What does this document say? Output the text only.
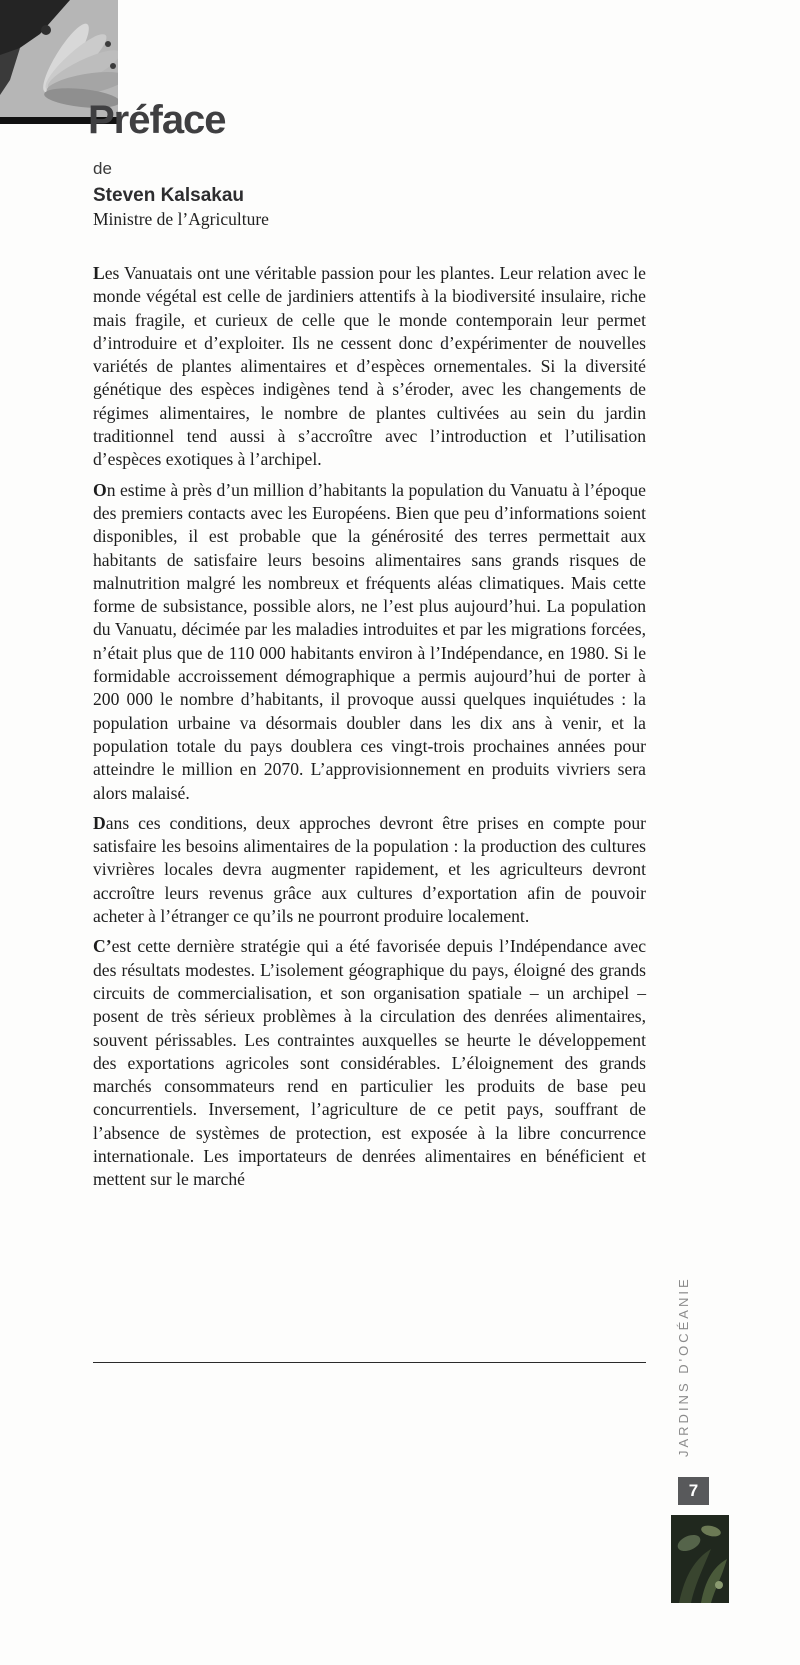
Préface
de
Steven Kalsakau
Ministre de l’Agriculture

Les Vanuatais ont une véritable passion pour les plantes. Leur relation avec le monde végétal est celle de jardiniers attentifs à la biodiversité insulaire, riche mais fragile, et curieux de celle que le monde contemporain leur permet d’introduire et d’exploiter. Ils ne cessent donc d’expérimenter de nouvelles variétés de plantes alimentaires et d’espèces ornementales. Si la diversité génétique des espèces indigènes tend à s’éroder, avec les changements de régimes alimentaires, le nombre de plantes cultivées au sein du jardin traditionnel tend aussi à s’accroître avec l’introduction et l’utilisation d’espèces exotiques à l’archipel.

On estime à près d’un million d’habitants la population du Vanuatu à l’époque des premiers contacts avec les Européens. Bien que peu d’informations soient disponibles, il est probable que la générosité des terres permettait aux habitants de satisfaire leurs besoins alimentaires sans grands risques de malnutrition malgré les nombreux et fréquents aléas climatiques. Mais cette forme de subsistance, possible alors, ne l’est plus aujourd’hui. La population du Vanuatu, décimée par les maladies introduites et par les migrations forcées, n’était plus que de 110 000 habitants environ à l’Indépendance, en 1980. Si le formidable accroissement démographique a permis aujourd’hui de porter à 200 000 le nombre d’habitants, il provoque aussi quelques inquiétudes : la population urbaine va désormais doubler dans les dix ans à venir, et la population totale du pays doublera ces vingt-trois prochaines années pour atteindre le million en 2070. L’approvisionnement en produits vivriers sera alors malaisé.

Dans ces conditions, deux approches devront être prises en compte pour satisfaire les besoins alimentaires de la population : la production des cultures vivrières locales devra augmenter rapidement, et les agriculteurs devront accroître leurs revenus grâce aux cultures d’exportation afin de pouvoir acheter à l’étranger ce qu’ils ne pourront produire localement.

C’est cette dernière stratégie qui a été favorisée depuis l’Indépendance avec des résultats modestes. L’isolement géographique du pays, éloigné des grands circuits de commercialisation, et son organisation spatiale – un archipel – posent de très sérieux problèmes à la circulation des denrées alimentaires, souvent périssables. Les contraintes auxquelles se heurte le développement des exportations agricoles sont considérables. L’éloignement des grands marchés consommateurs rend en particulier les produits de base peu concurrentiels. Inversement, l’agriculture de ce petit pays, souffrant de l’absence de systèmes de protection, est exposée à la libre concurrence internationale. Les importateurs de denrées alimentaires en bénéficient et mettent sur le marché

JARDINS D'OCÉANIE
7
